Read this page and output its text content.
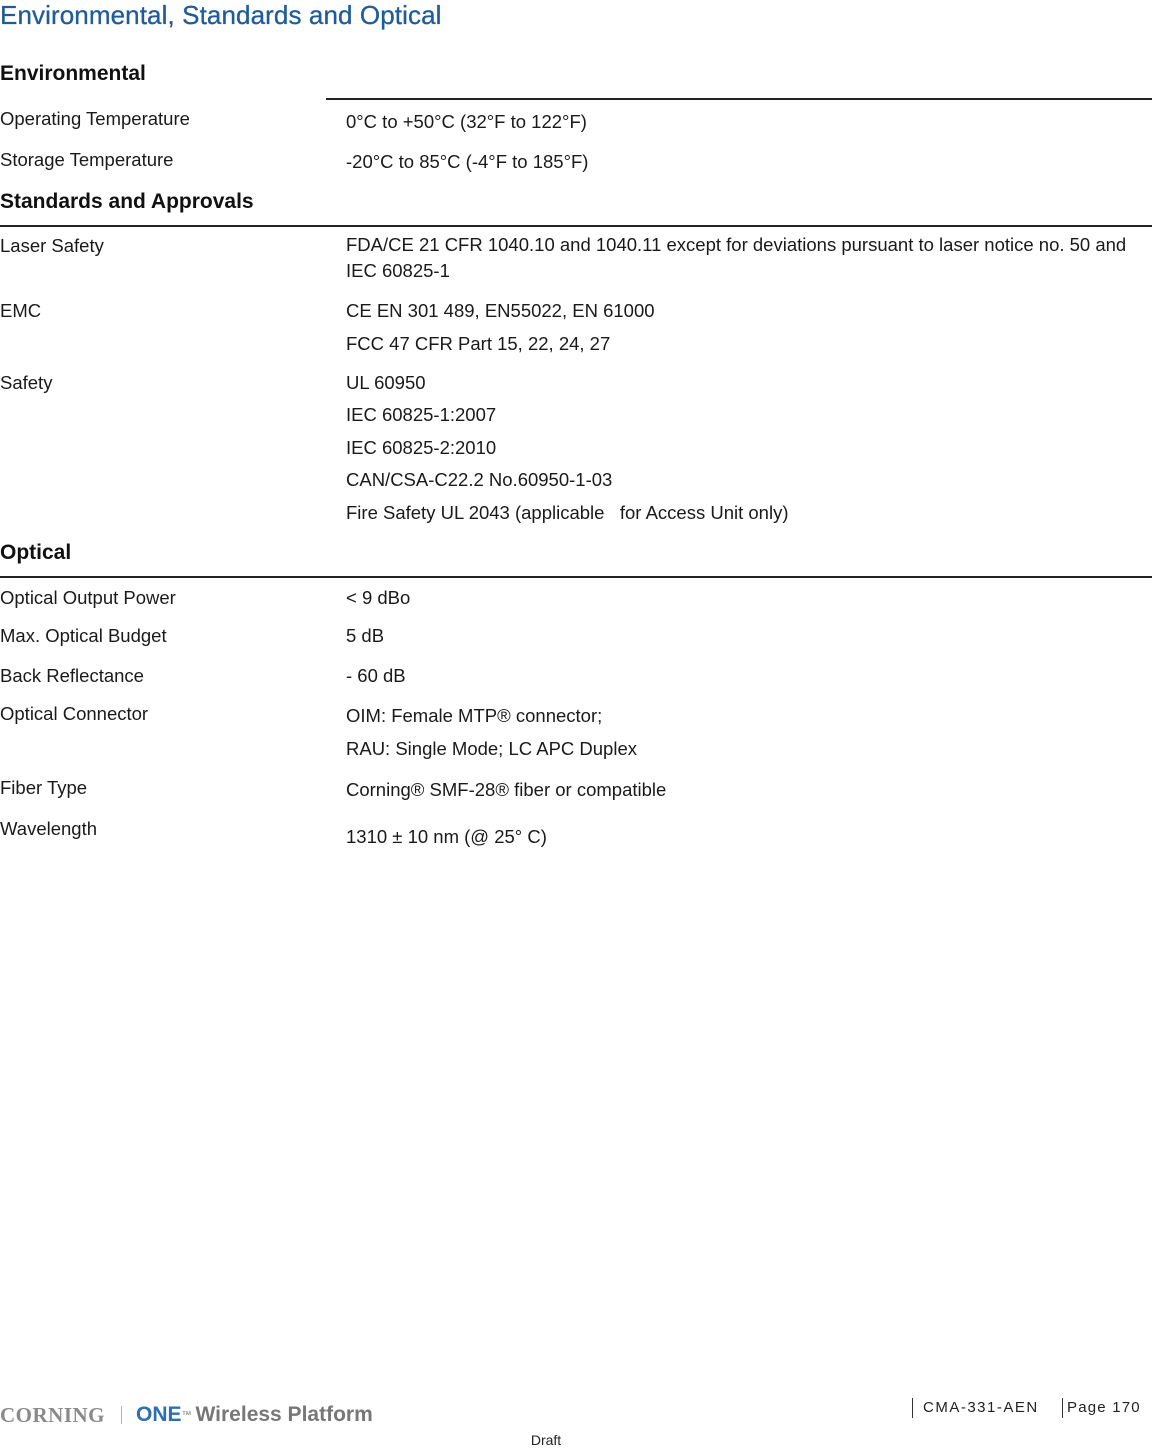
Environmental, Standards and Optical
Environmental
Operating Temperature	0°C to +50°C (32°F to 122°F)
Storage Temperature	-20°C to 85°C (-4°F to 185°F)
Standards and Approvals
Laser Safety	FDA/CE 21 CFR 1040.10 and 1040.11 except for deviations pursuant to laser notice no. 50 and IEC 60825-1
EMC	CE EN 301 489, EN55022, EN 61000
FCC 47 CFR Part 15, 22, 24, 27
Safety	UL 60950
IEC 60825-1:2007
IEC 60825-2:2010
CAN/CSA-C22.2 No.60950-1-03
Fire Safety UL 2043 (applicable   for Access Unit only)
Optical
Optical Output Power	< 9 dBo
Max. Optical Budget	5 dB
Back Reflectance	- 60 dB
Optical Connector	OIM: Female MTP® connector;
RAU: Single Mode; LC APC Duplex
Fiber Type	Corning® SMF-28® fiber or compatible
Wavelength	1310 ± 10 nm (@ 25° C)
CORNING ONE ™ Wireless Platform	CMA-331-AEN	Page 170
Draft
